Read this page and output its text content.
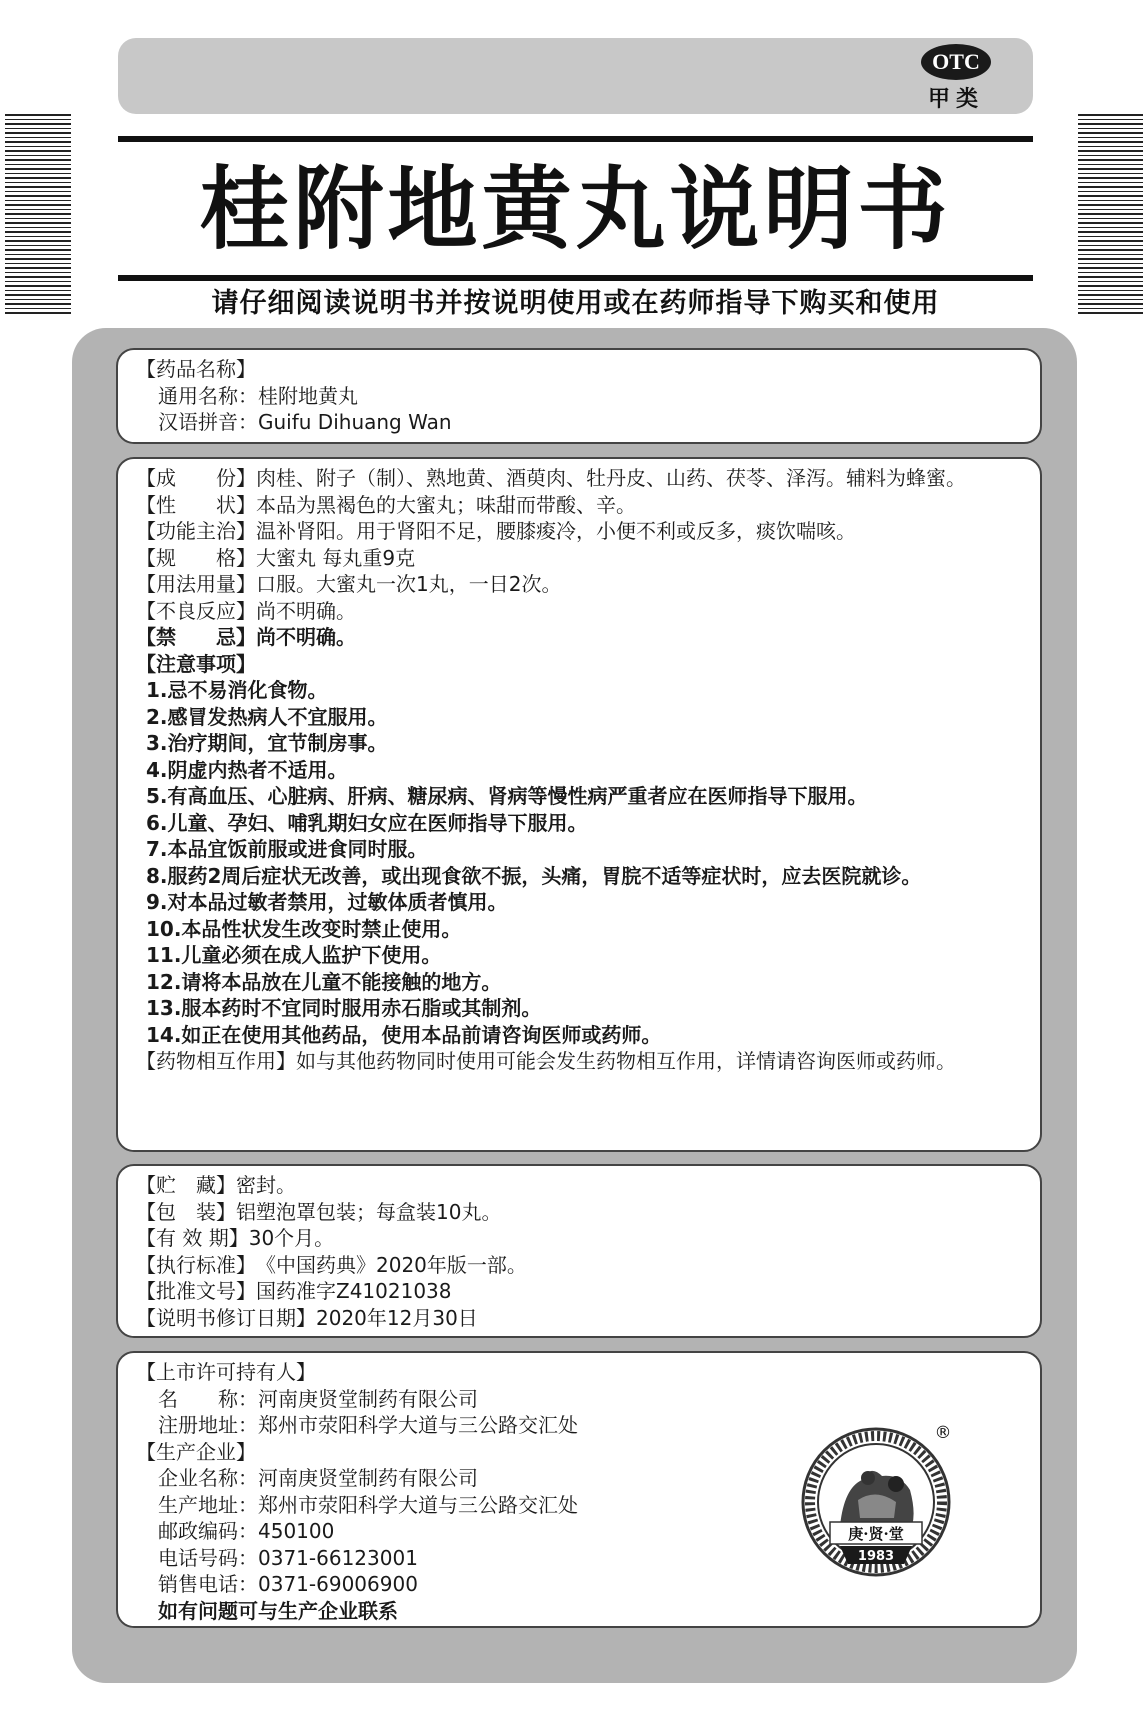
OTC
甲类
桂附地黄丸说明书
请仔细阅读说明书并按说明使用或在药师指导下购买和使用
【药品名称】
通用名称： 桂附地黄丸
汉语拼音： Guifu Dihuang Wan
【成　　份】 肉桂、附子（制）、熟地黄、酒萸肉、牡丹皮、山药、茯苓、泽泻。辅料为蜂蜜。
【性　　状】 本品为黑褐色的大蜜丸；味甜而带酸、辛。
【功能主治】 温补肾阳。用于肾阳不足，腰膝痠冷，小便不利或反多，痰饮喘咳。
【规　　格】 大蜜丸 每丸重9克
【用法用量】 口服。大蜜丸一次1丸，一日2次。
【不良反应】 尚不明确。
【禁　　忌】 尚不明确。
【注意事项】
1.忌不易消化食物。
2.感冒发热病人不宜服用。
3.治疗期间，宜节制房事。
4.阴虚内热者不适用。
5.有高血压、心脏病、肝病、糖尿病、肾病等慢性病严重者应在医师指导下服用。
6.儿童、孕妇、哺乳期妇女应在医师指导下服用。
7.本品宜饭前服或进食同时服。
8.服药2周后症状无改善，或出现食欲不振，头痛，胃脘不适等症状时，应去医院就诊。
9.对本品过敏者禁用，过敏体质者慎用。
10.本品性状发生改变时禁止使用。
11.儿童必须在成人监护下使用。
12.请将本品放在儿童不能接触的地方。
13.服本药时不宜同时服用赤石脂或其制剂。
14.如正在使用其他药品，使用本品前请咨询医师或药师。
【药物相互作用】 如与其他药物同时使用可能会发生药物相互作用，详情请咨询医师或药师。
【贮　藏】 密封。
【包　装】 铝塑泡罩包装；每盒装10丸。
【有 效 期】 30个月。
【执行标准】 《中国药典》2020年版一部。
【批准文号】 国药准字Z41021038
【说明书修订日期】 2020年12月30日
【上市许可持有人】
名　　称： 河南庚贤堂制药有限公司
注册地址： 郑州市荥阳科学大道与三公路交汇处
【生产企业】
企业名称： 河南庚贤堂制药有限公司
生产地址： 郑州市荥阳科学大道与三公路交汇处
邮政编码： 450100
电话号码： 0371-66123001
销售电话： 0371-69006900
如有问题可与生产企业联系
庚·贤·堂
1983
®
